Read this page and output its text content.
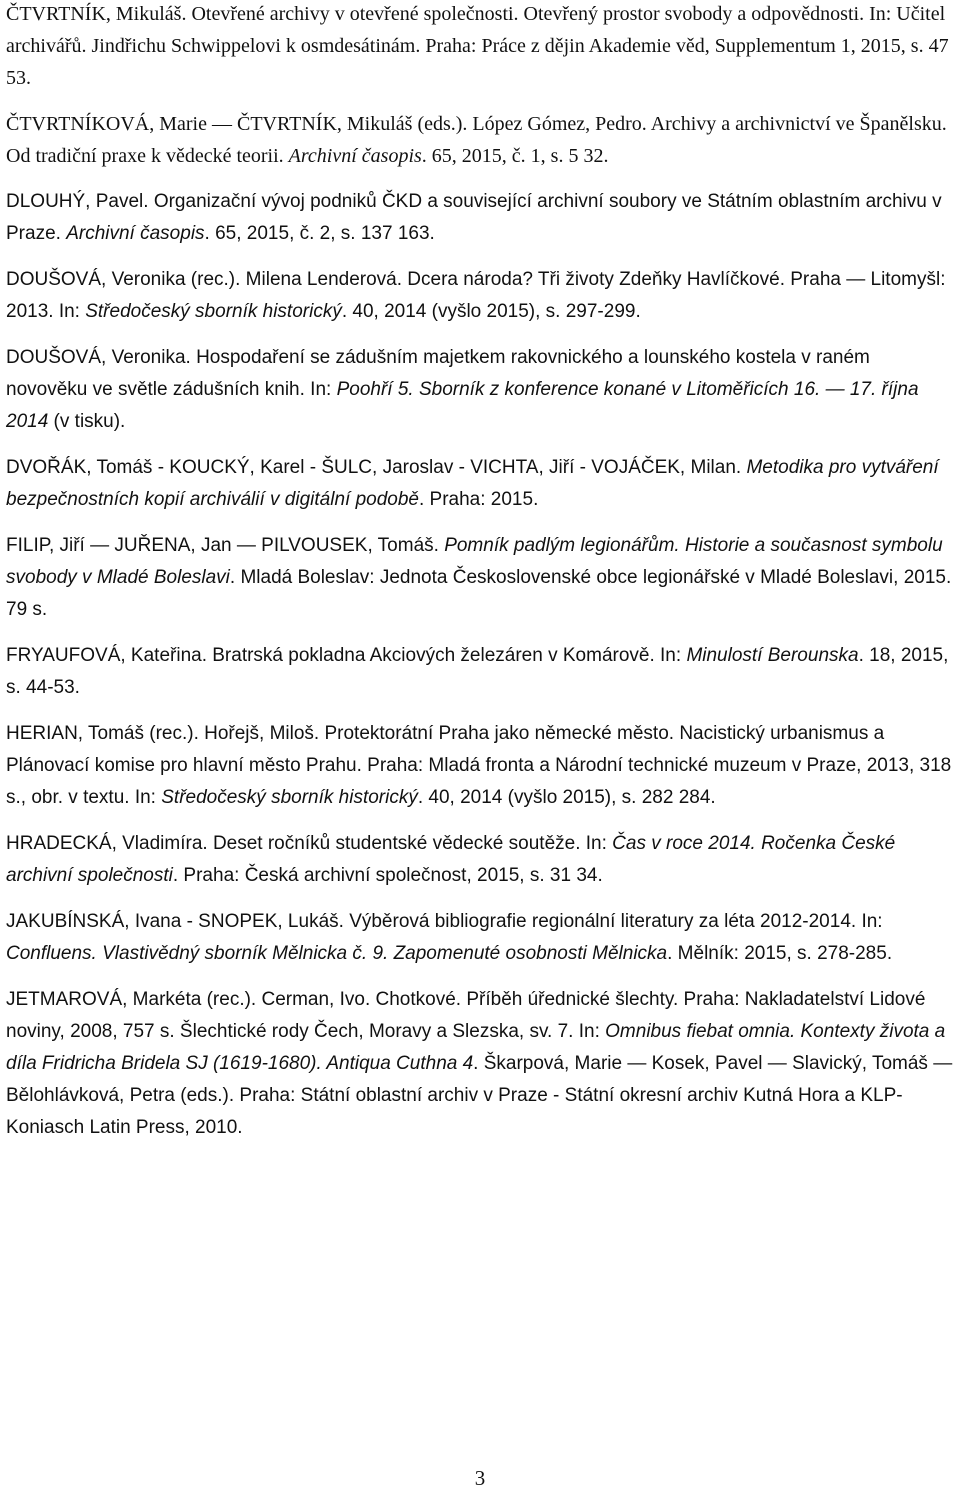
ČTVRTNÍK, Mikuláš. Otevřené archivy v otevřené společnosti. Otevřený prostor svobody a odpovědnosti. In: Učitel archivářů. Jindřichu Schwippelovi k osmdesátinám. Praha: Práce z dějin Akademie věd, Supplementum 1, 2015, s. 47 53.

ČTVRTNÍKOVÁ, Marie — ČTVRTNÍK, Mikuláš (eds.). López Gómez, Pedro. Archivy a archivnictví ve Španělsku. Od tradiční praxe k vědecké teorii. Archivní časopis. 65, 2015, č. 1, s. 5 32.

DLOUHÝ, Pavel. Organizační vývoj podniků ČKD a související archivní soubory ve Státním oblastním archivu v Praze. Archivní časopis. 65, 2015, č. 2, s. 137 163.

DOUŠOVÁ, Veronika (rec.). Milena Lenderová. Dcera národa? Tři životy Zdeňky Havlíčkové. Praha — Litomyšl: 2013. In: Středočeský sborník historický. 40, 2014 (vyšlo 2015), s. 297-299.

DOUŠOVÁ, Veronika. Hospodaření se zádušním majetkem rakovnického a lounského kostela v raném novověku ve světle zádušních knih. In: Poohří 5. Sborník z konference konané v Litoměřicích 16. — 17. října 2014 (v tisku).

DVOŘÁK, Tomáš - KOUCKÝ, Karel - ŠULC, Jaroslav - VICHTA, Jiří - VOJÁČEK, Milan. Metodika pro vytváření bezpečnostních kopií archiválií v digitální podobě. Praha: 2015.

FILIP, Jiří — JUŘENA, Jan — PILVOUSEK, Tomáš. Pomník padlým legionářům. Historie a současnost symbolu svobody v Mladé Boleslavi. Mladá Boleslav: Jednota Československé obce legionářské v Mladé Boleslavi, 2015. 79 s.

FRYAUFOVÁ, Kateřina. Bratrská pokladna Akciových železáren v Komárově. In: Minulostí Berounska. 18, 2015, s. 44-53.

HERIAN, Tomáš (rec.). Hořejš, Miloš. Protektorátní Praha jako německé město. Nacistický urbanismus a Plánovací komise pro hlavní město Prahu. Praha: Mladá fronta a Národní technické muzeum v Praze, 2013, 318 s., obr. v textu. In: Středočeský sborník historický. 40, 2014 (vyšlo 2015), s. 282 284.

HRADECKÁ, Vladimíra. Deset ročníků studentské vědecké soutěže. In: Čas v roce 2014. Ročenka České archivní společnosti. Praha: Česká archivní společnost, 2015, s. 31 34.

JAKUBÍNSKÁ, Ivana - SNOPEK, Lukáš. Výběrová bibliografie regionální literatury za léta 2012-2014. In: Confluens. Vlastivědný sborník Mělnicka č. 9. Zapomenuté osobnosti Mělnicka. Mělník: 2015, s. 278-285.

JETMAROVÁ, Markéta (rec.). Cerman, Ivo. Chotkové. Příběh úřednické šlechty. Praha: Nakladatelství Lidové noviny, 2008, 757 s. Šlechtické rody Čech, Moravy a Slezska, sv. 7. In: Omnibus fiebat omnia. Kontexty života a díla Fridricha Bridela SJ (1619-1680). Antiqua Cuthna 4. Škarpová, Marie — Kosek, Pavel — Slavický, Tomáš — Bělohlávková, Petra (eds.). Praha: Státní oblastní archiv v Praze - Státní okresní archiv Kutná Hora a KLP-Koniasch Latin Press, 2010.

3
